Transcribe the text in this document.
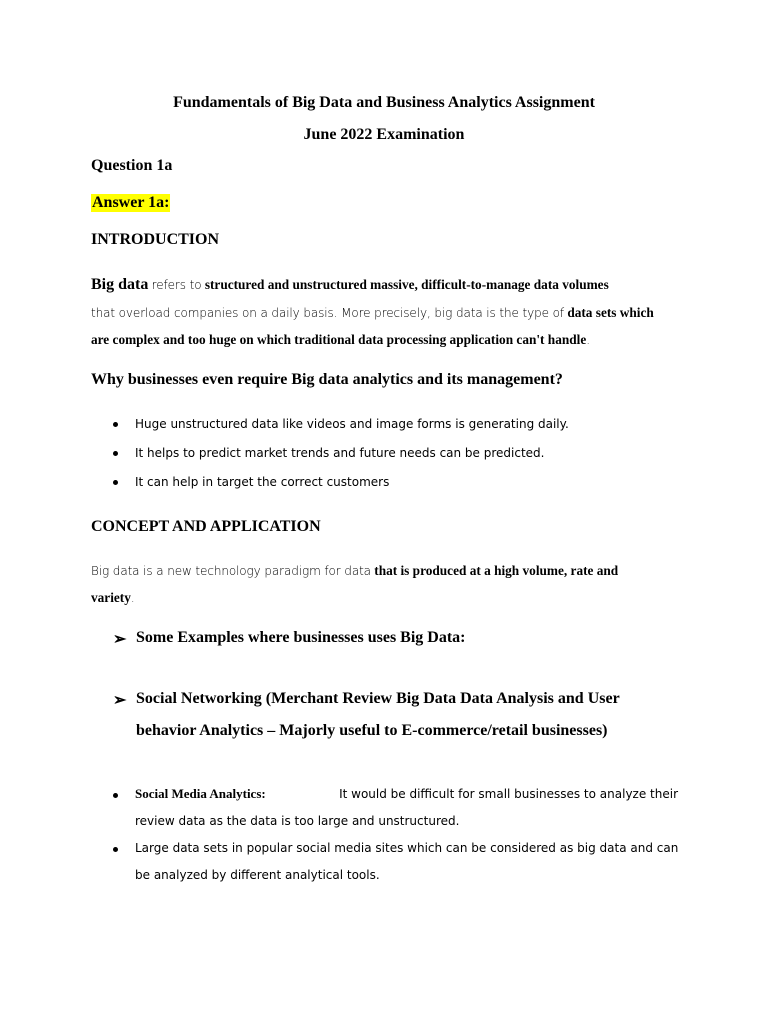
Fundamentals of Big Data and Business Analytics Assignment

June 2022 Examination

Question 1a

Answer 1a:

INTRODUCTION

Big data refers to structured and unstructured massive, difficult-to-manage data volumes
that overload companies on a daily basis. More precisely, big data is the type of data sets which
are complex and too huge on which traditional data processing application can't handle.

Why businesses even require Big data analytics and its management?

Huge unstructured data like videos and image forms is generating daily.
It helps to predict market trends and future needs can be predicted.
It can help in target the correct customers

CONCEPT AND APPLICATION

Big data is a new technology paradigm for data that is produced at a high volume, rate and
variety.
➢ Some Examples where businesses uses Big Data:
➢ Social Networking (Merchant Review Big Data Data Analysis and User
behavior Analytics – Majorly useful to E-commerce/retail businesses)
Social Media Analytics:	It would be difficult for small businesses to analyze their
review data as the data is too large and unstructured.
Large data sets in popular social media sites which can be considered as big data and can
be analyzed by different analytical tools.
